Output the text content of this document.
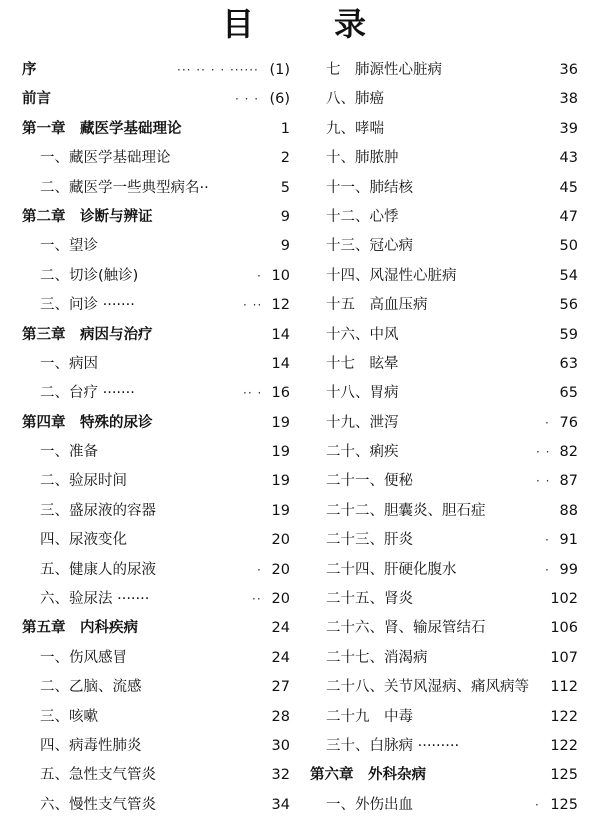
目 录
序	··· ·· · · ······ (1)
前言	· · · (6)
第一章　藏医学基础理论	1
一、藏医学基础理论	2
二、藏医学一些典型病名··	5
第二章　诊断与辨证	9
一、望诊	9
二、切诊(触诊)	· 10
三、问诊 ·······	· ·· 12
第三章　病因与治疗	14
一、病因	14
二、台疗 ·······	·· · 16
第四章　特殊的尿诊	19
一、准备	19
二、验尿时间	19
三、盛尿液的容器	19
四、尿液变化	20
五、健康人的尿液	· 20
六、验尿法 ·······	·· 20
第五章　内科疾病	24
一、伤风感冒	24
二、乙脑、流感	27
三、咳嗽	28
四、病毒性肺炎	30
五、急性支气管炎	32
六、慢性支气管炎	34
七　肺源性心脏病	36
八、肺癌	38
九、哮喘	39
十、肺脓肿	43
十一、肺结核	45
十二、心悸	47
十三、冠心病	50
十四、风湿性心脏病	54
十五　高血压病	56
十六、中风	59
十七　眩晕	63
十八、胃病	65
十九、泄泻	· 76
二十、痢疾	· · 82
二十一、便秘	· · 87
二十二、胆囊炎、胆石症	88
二十三、肝炎	· 91
二十四、肝硬化腹水	· 99
二十五、肾炎	102
二十六、肾、输尿管结石	106
二十七、消渴病	107
二十八、关节风湿病、痛风病等 112
二十九　中毒	122
三十、白脉病 ·········	122
第六章　外科杂病	125
一、外伤出血	· 125
